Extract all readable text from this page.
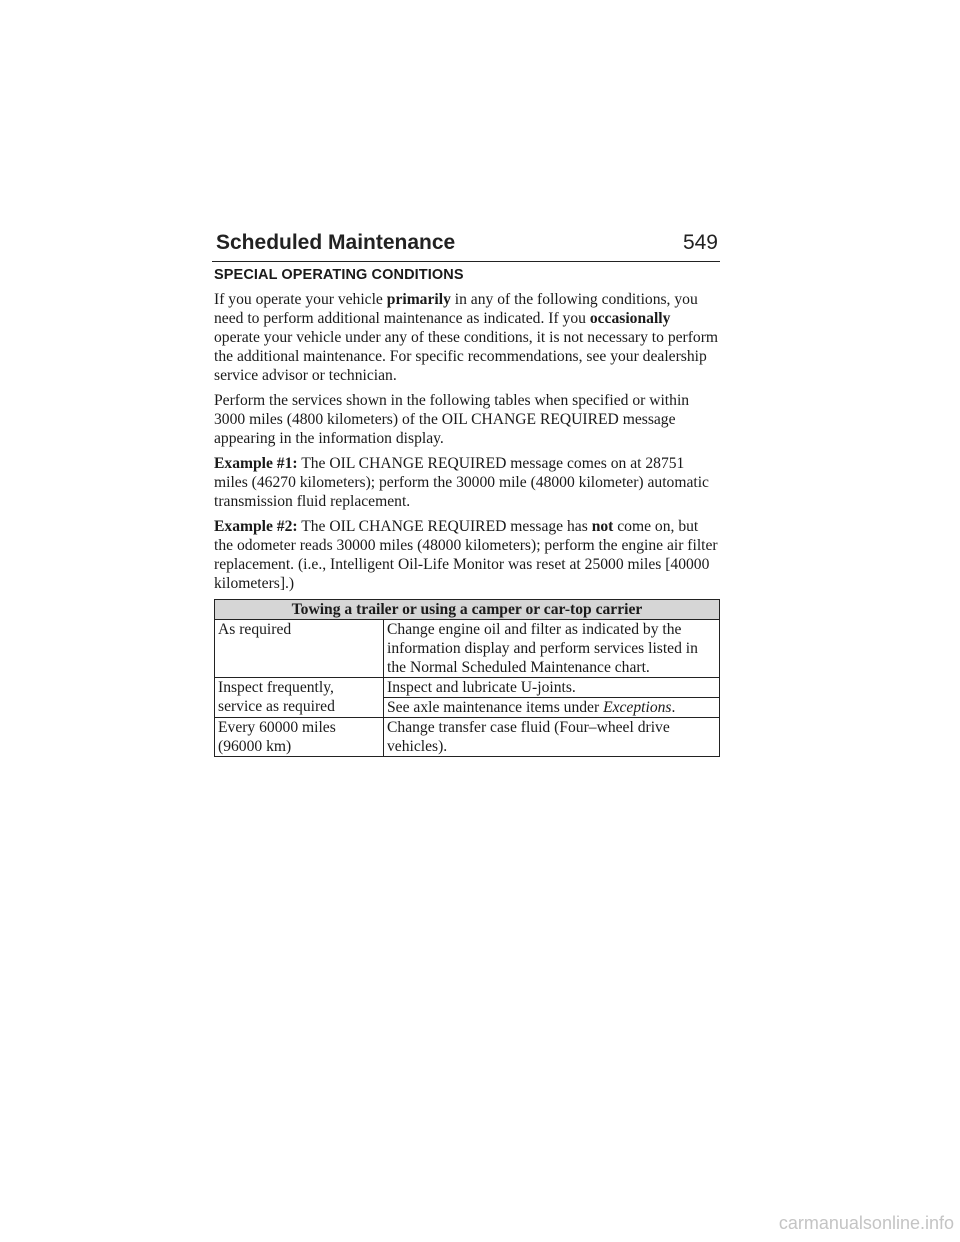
Scheduled Maintenance	549
SPECIAL OPERATING CONDITIONS

If you operate your vehicle primarily in any of the following conditions, you need to perform additional maintenance as indicated. If you occasionally operate your vehicle under any of these conditions, it is not necessary to perform the additional maintenance. For specific recommendations, see your dealership service advisor or technician.

Perform the services shown in the following tables when specified or within 3000 miles (4800 kilometers) of the OIL CHANGE REQUIRED message appearing in the information display.

Example #1: The OIL CHANGE REQUIRED message comes on at 28751 miles (46270 kilometers); perform the 30000 mile (48000 kilometer) automatic transmission fluid replacement.

Example #2: The OIL CHANGE REQUIRED message has not come on, but the odometer reads 30000 miles (48000 kilometers); perform the engine air filter replacement. (i.e., Intelligent Oil-Life Monitor was reset at 25000 miles [40000 kilometers].)

Towing a trailer or using a camper or car-top carrier	
As required	Change engine oil and filter as indicated by the information display and perform services listed in the Normal Scheduled Maintenance chart.
Inspect frequently, service as required	Inspect and lubricate U-joints.
	See axle maintenance items under Exceptions.
Every 60000 miles (96000 km)	Change transfer case fluid (Four–wheel drive vehicles).
carmanualsonline.info
